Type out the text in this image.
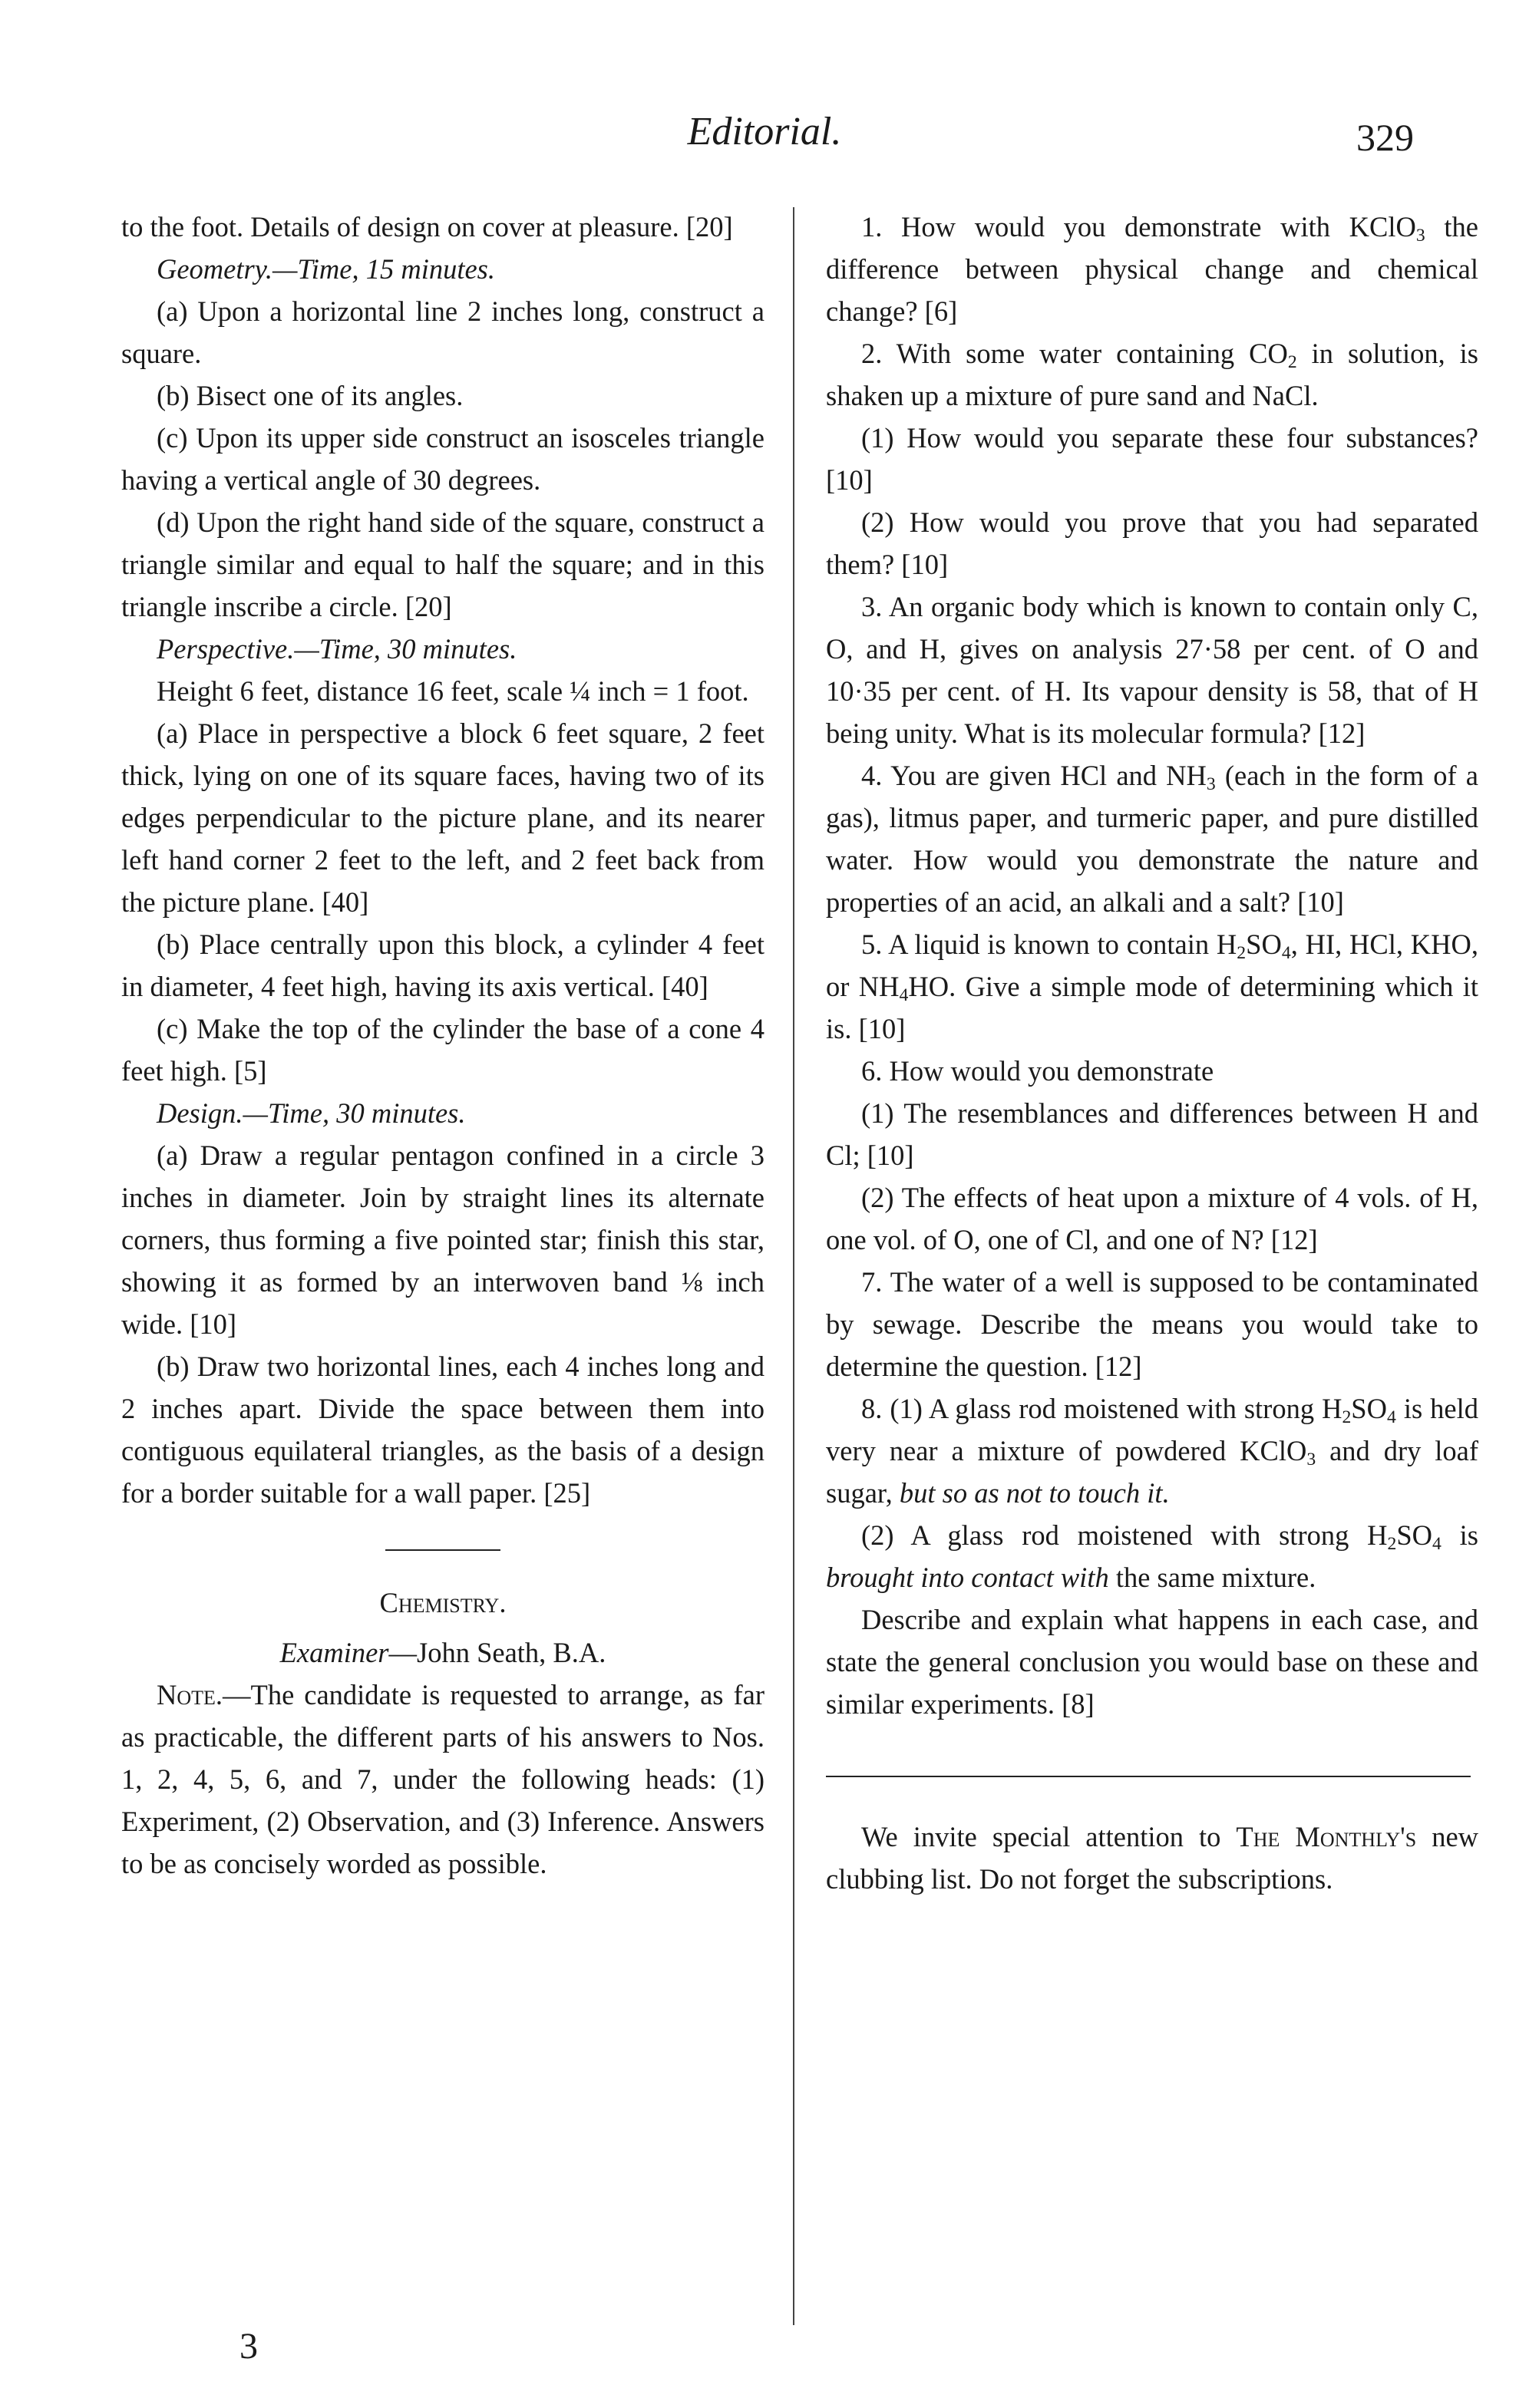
Editorial.	329

to the foot. Details of design on cover at pleasure. [20]

Geometry.—Time, 15 minutes.

(a) Upon a horizontal line 2 inches long, construct a square.

(b) Bisect one of its angles.

(c) Upon its upper side construct an isosceles triangle having a vertical angle of 30 degrees.

(d) Upon the right hand side of the square, construct a triangle similar and equal to half the square; and in this triangle inscribe a circle. [20]

Perspective.—Time, 30 minutes.

Height 6 feet, distance 16 feet, scale ¼ inch = 1 foot.

(a) Place in perspective a block 6 feet square, 2 feet thick, lying on one of its square faces, having two of its edges perpendicular to the picture plane, and its nearer left hand corner 2 feet to the left, and 2 feet back from the picture plane. [40]

(b) Place centrally upon this block, a cylinder 4 feet in diameter, 4 feet high, having its axis vertical. [40]

(c) Make the top of the cylinder the base of a cone 4 feet high. [5]

Design.—Time, 30 minutes.

(a) Draw a regular pentagon confined in a circle 3 inches in diameter. Join by straight lines its alternate corners, thus forming a five pointed star; finish this star, showing it as formed by an interwoven band ⅛ inch wide. [10]

(b) Draw two horizontal lines, each 4 inches long and 2 inches apart. Divide the space between them into contiguous equilateral triangles, as the basis of a design for a border suitable for a wall paper. [25]

Chemistry.

Examiner—John Seath, B.A.

Note.—The candidate is requested to arrange, as far as practicable, the different parts of his answers to Nos. 1, 2, 4, 5, 6, and 7, under the following heads: (1) Experiment, (2) Observation, and (3) Inference. Answers to be as concisely worded as possible.

3

1. How would you demonstrate with KClO$_3$ the difference between physical change and chemical change? [6]

2. With some water containing $CO_2$ in solution, is shaken up a mixture of pure sand and NaCl.

(1) How would you separate these four substances? [10]

(2) How would you prove that you had separated them? [10]

3. An organic body which is known to contain only C, O, and H, gives on analysis 27·58 per cent. of O and 10·35 per cent. of H. Its vapour density is 58, that of H being unity. What is its molecular formula? [12]

4. You are given HCl and $NH_3$ (each in the form of a gas), litmus paper, and turmeric paper, and pure distilled water. How would you demonstrate the nature and properties of an acid, an alkali and a salt? [10]

5. A liquid is known to contain $H_2SO_4$, HI, HCl, KHO, or $NH_4HO$. Give a simple mode of determining which it is. [10]

6. How would you demonstrate

(1) The resemblances and differences between H and Cl; [10]

(2) The effects of heat upon a mixture of 4 vols. of H, one vol. of O, one of Cl, and one of N? [12]

7. The water of a well is supposed to be contaminated by sewage. Describe the means you would take to determine the question. [12]

8. (1) A glass rod moistened with strong $H_2SO_4$ is held very near a mixture of powdered KClO$_3$ and dry loaf sugar, but so as not to touch it.

(2) A glass rod moistened with strong $H_2SO_4$ is brought into contact with the same mixture.

Describe and explain what happens in each case, and state the general conclusion you would base on these and similar experiments. [8]

We invite special attention to The Monthly's new clubbing list. Do not forget the subscriptions.
